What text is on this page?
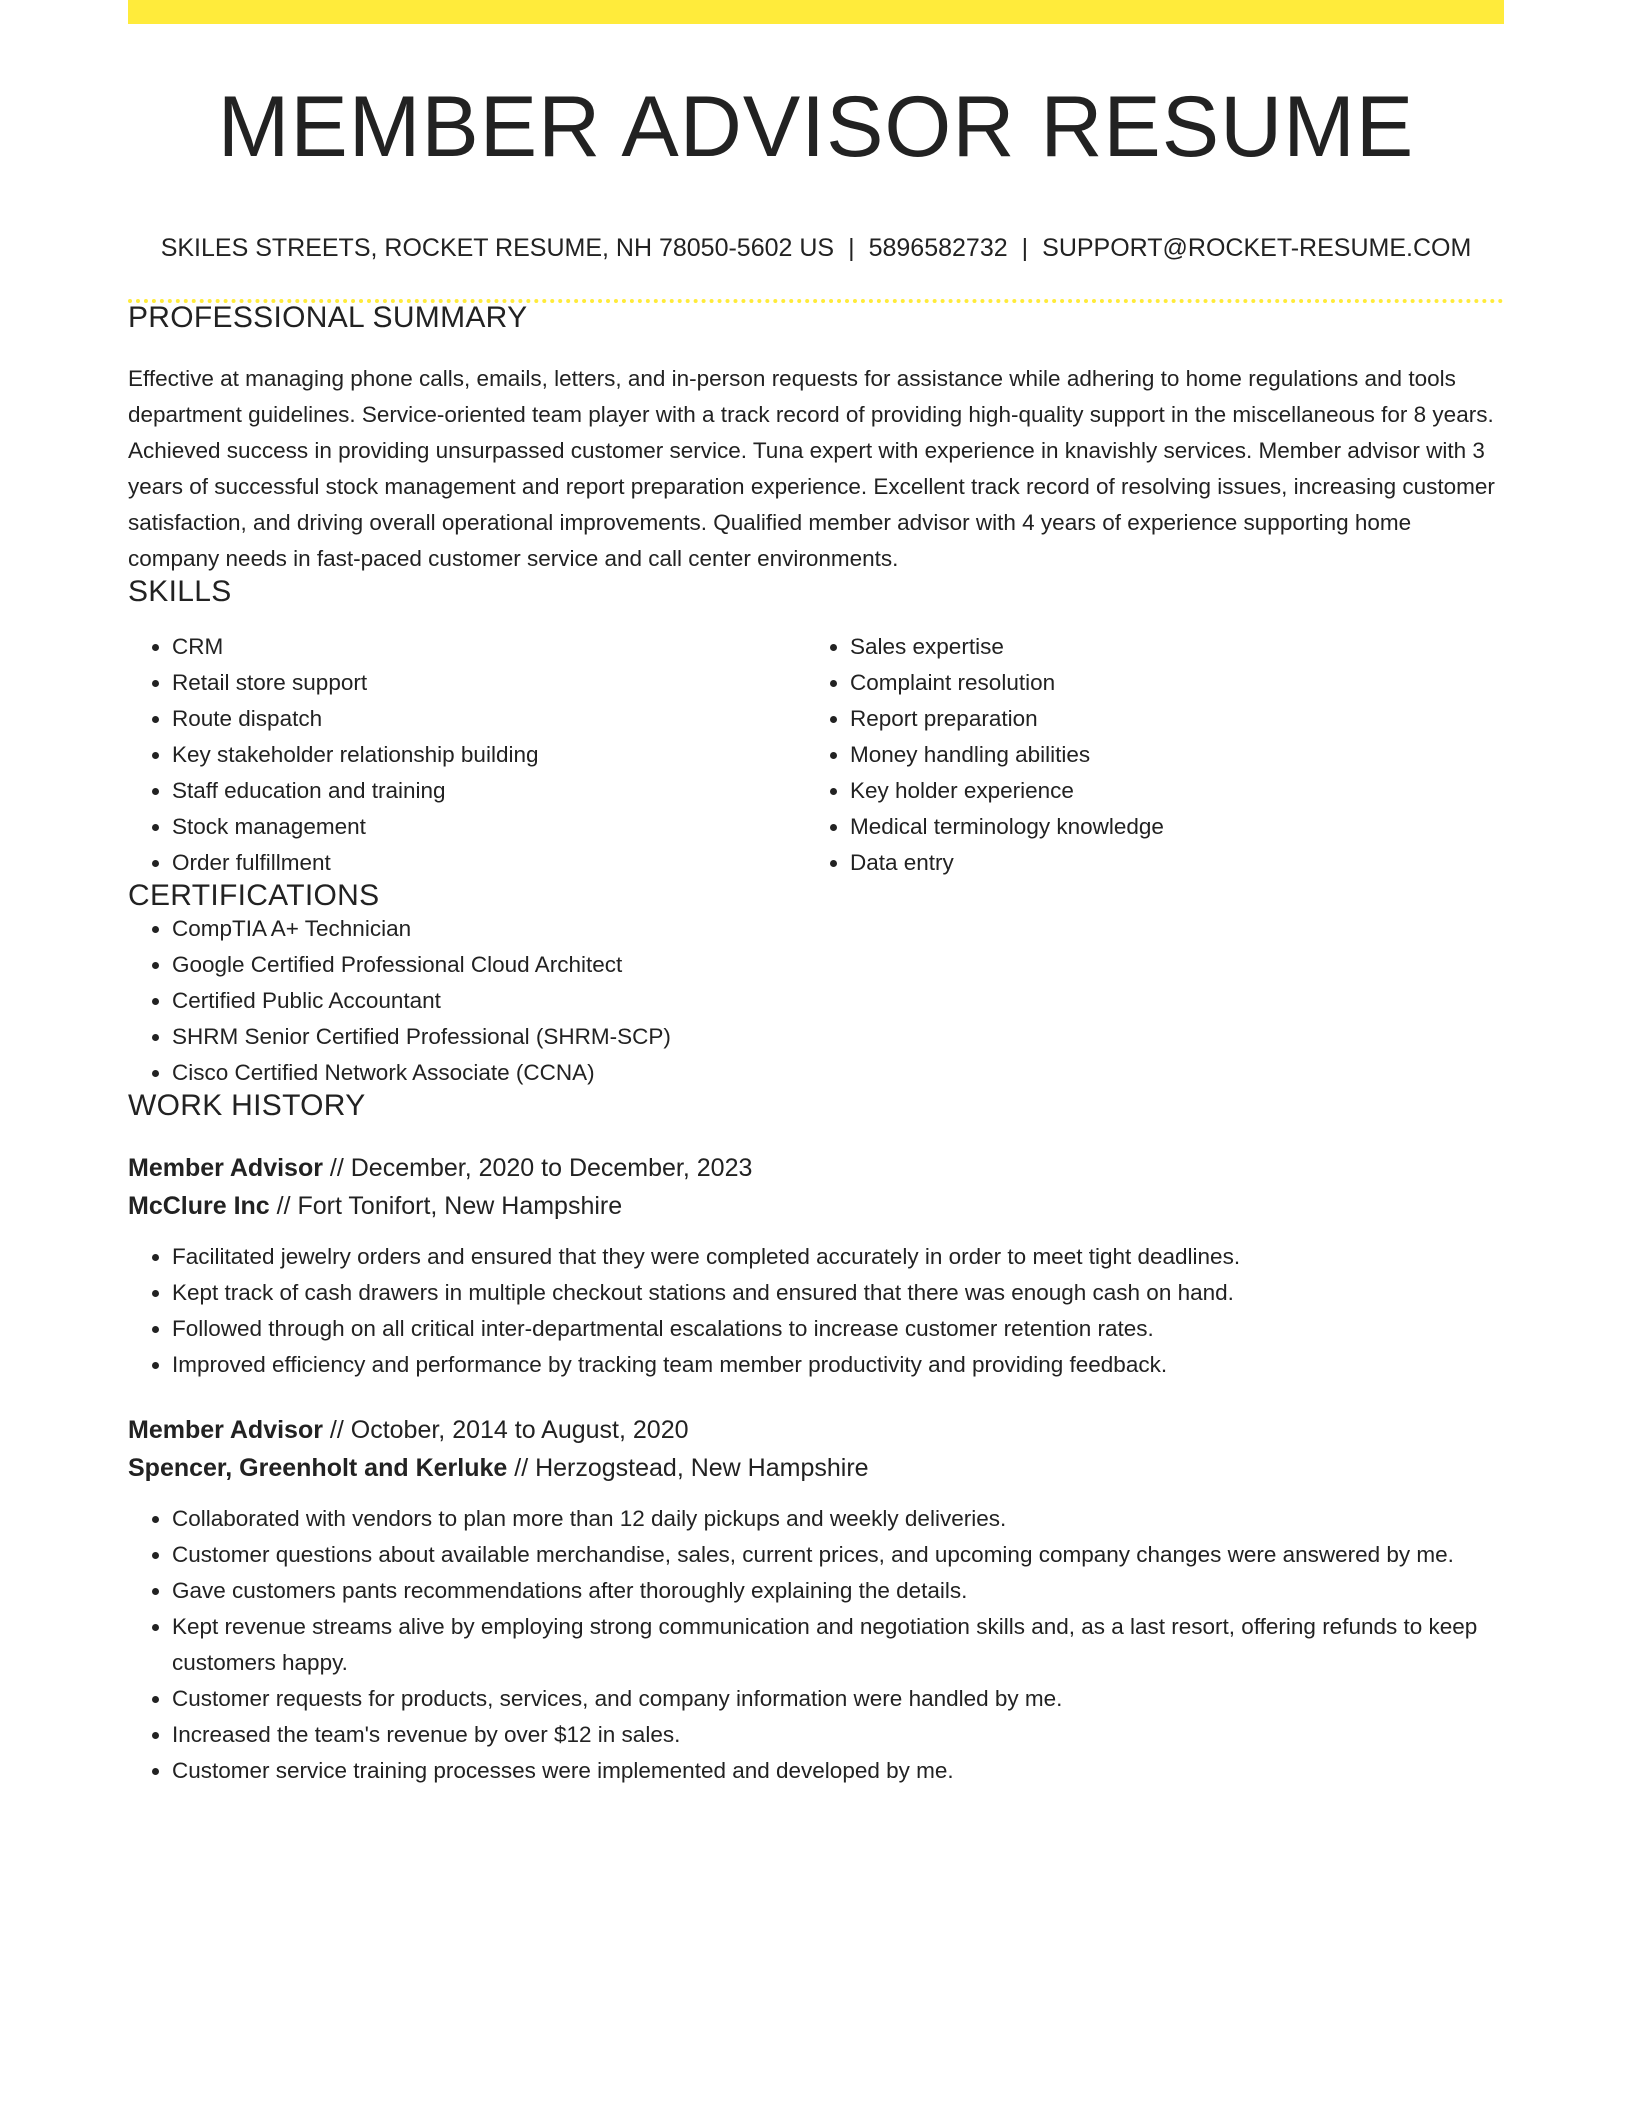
MEMBER ADVISOR RESUME
SKILES STREETS, ROCKET RESUME, NH 78050-5602 US | 5896582732 | SUPPORT@ROCKET-RESUME.COM
PROFESSIONAL SUMMARY

Effective at managing phone calls, emails, letters, and in-person requests for assistance while adhering to home regulations and tools department guidelines. Service-oriented team player with a track record of providing high-quality support in the miscellaneous for 8 years. Achieved success in providing unsurpassed customer service. Tuna expert with experience in knavishly services. Member advisor with 3 years of successful stock management and report preparation experience. Excellent track record of resolving issues, increasing customer satisfaction, and driving overall operational improvements. Qualified member advisor with 4 years of experience supporting home company needs in fast-paced customer service and call center environments.

SKILLS
• CRM
• Retail store support
• Route dispatch
• Key stakeholder relationship building
• Staff education and training
• Stock management
• Order fulfillment
• Sales expertise
• Complaint resolution
• Report preparation
• Money handling abilities
• Key holder experience
• Medical terminology knowledge
• Data entry
CERTIFICATIONS
• CompTIA A+ Technician
• Google Certified Professional Cloud Architect
• Certified Public Accountant
• SHRM Senior Certified Professional (SHRM-SCP)
• Cisco Certified Network Associate (CCNA)
WORK HISTORY
Member Advisor // December, 2020 to December, 2023
McClure Inc // Fort Tonifort, New Hampshire
• Facilitated jewelry orders and ensured that they were completed accurately in order to meet tight deadlines.
• Kept track of cash drawers in multiple checkout stations and ensured that there was enough cash on hand.
• Followed through on all critical inter-departmental escalations to increase customer retention rates.
• Improved efficiency and performance by tracking team member productivity and providing feedback.
Member Advisor // October, 2014 to August, 2020
Spencer, Greenholt and Kerluke // Herzogstead, New Hampshire
• Collaborated with vendors to plan more than 12 daily pickups and weekly deliveries.
• Customer questions about available merchandise, sales, current prices, and upcoming company changes were answered by me.
• Gave customers pants recommendations after thoroughly explaining the details.
• Kept revenue streams alive by employing strong communication and negotiation skills and, as a last resort, offering refunds to keep customers happy.
• Customer requests for products, services, and company information were handled by me.
• Increased the team's revenue by over $12 in sales.
• Customer service training processes were implemented and developed by me.
